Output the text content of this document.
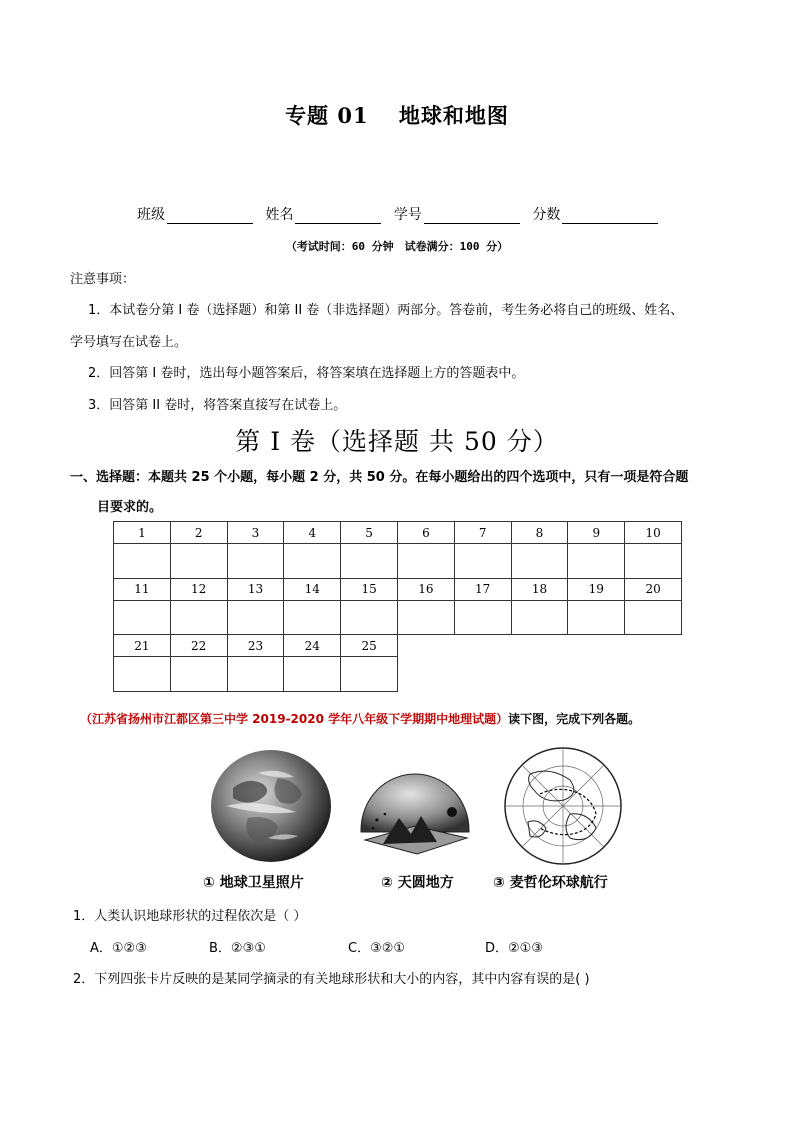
专题 01　 地球和地图
班级	姓名	学号	分数
（考试时间：60 分钟　试卷满分：100 分）
注意事项：
1．本试卷分第 I 卷（选择题）和第 II 卷（非选择题）两部分。答卷前，考生务必将自己的班级、姓名、
学号填写在试卷上。
2．回答第 I 卷时，选出每小题答案后，将答案填在选择题上方的答题表中。
3．回答第 II 卷时，将答案直接写在试卷上。
第 I 卷（选择题 共 50 分）
一、选择题：本题共 25 个小题，每小题 2 分，共 50 分。在每小题给出的四个选项中，只有一项是符合题
目要求的。
1	2	3	4	5	6	7	8	9	10
11	12	13	14	15	16	17	18	19	20
21	22	23	24	25
（江苏省扬州市江都区第三中学 2019-2020 学年八年级下学期期中地理试题）读下图，完成下列各题。
① 地球卫星照片	② 天圆地方	③ 麦哲伦环球航行
1．人类认识地球形状的过程依次是（ ）
A．①②③	B．②③①	C．③②①	D．②①③
2．下列四张卡片反映的是某同学摘录的有关地球形状和大小的内容，其中内容有误的是( )
